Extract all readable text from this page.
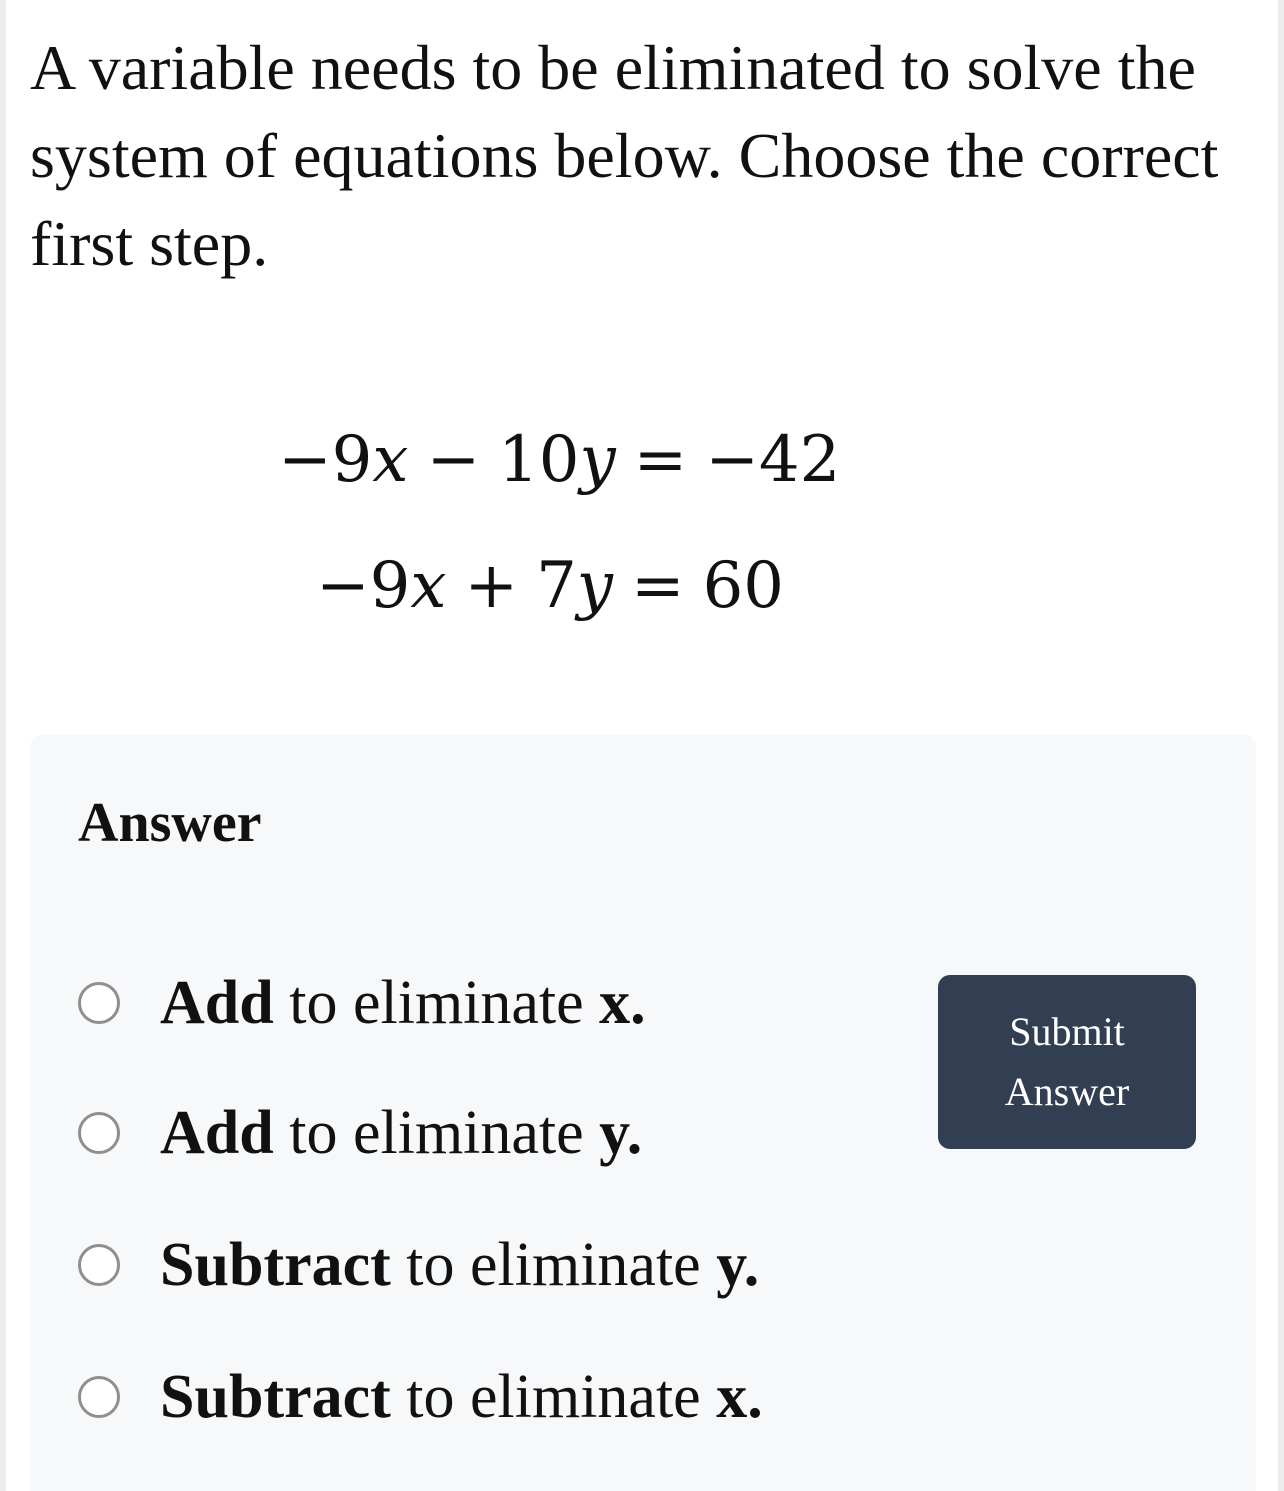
A variable needs to be eliminated to solve the system of equations below. Choose the correct first step.

−9x − 10y = −42
−9x + 7y = 60
Answer
Add to eliminate x.
Add to eliminate y.
Subtract to eliminate y.
Subtract to eliminate x.
Submit Answer
